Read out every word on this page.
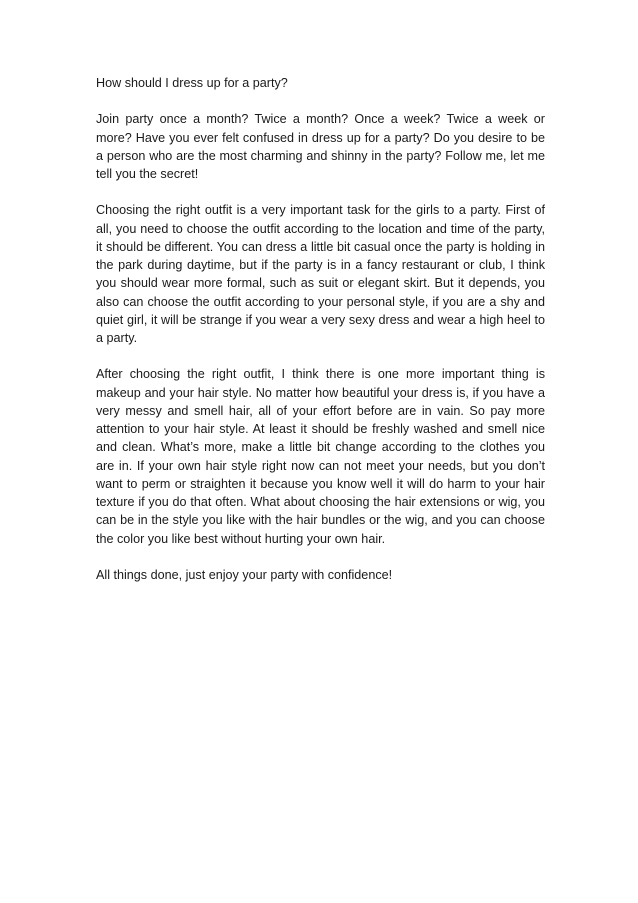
How should I dress up for a party?

Join party once a month? Twice a month? Once a week? Twice a week or more? Have you ever felt confused in dress up for a party? Do you desire to be a person who are the most charming and shinny in the party? Follow me, let me tell you the secret!

Choosing the right outfit is a very important task for the girls to a party. First of all, you need to choose the outfit according to the location and time of the party, it should be different. You can dress a little bit casual once the party is holding in the park during daytime, but if the party is in a fancy restaurant or club, I think you should wear more formal, such as suit or elegant skirt. But it depends, you also can choose the outfit according to your personal style, if you are a shy and quiet girl, it will be strange if you wear a very sexy dress and wear a high heel to a party.

After choosing the right outfit, I think there is one more important thing is makeup and your hair style. No matter how beautiful your dress is, if you have a very messy and smell hair, all of your effort before are in vain. So pay more attention to your hair style. At least it should be freshly washed and smell nice and clean. What’s more, make a little bit change according to the clothes you are in. If your own hair style right now can not meet your needs, but you don’t want to perm or straighten it because you know well it will do harm to your hair texture if you do that often. What about choosing the hair extensions or wig, you can be in the style you like with the hair bundles or the wig, and you can choose the color you like best without hurting your own hair.

All things done, just enjoy your party with confidence!
